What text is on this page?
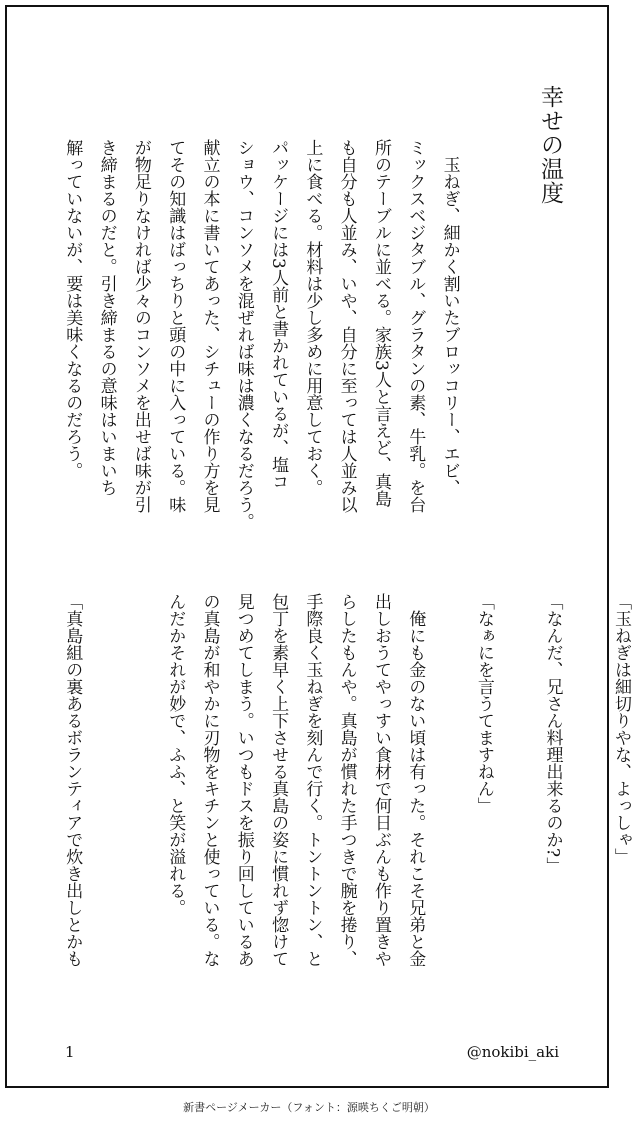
幸せの温度
　玉ねぎ、細かく割いたブロッコリー、エビ、
ミックスベジタブル、グラタンの素、牛乳。を台
所のテーブルに並べる。家族3人と言えど、真島
も自分も人並み、いや、自分に至っては人並み以
上に食べる。材料は少し多めに用意しておく。
パッケージには3人前と書かれているが、塩コ
ショウ、コンソメを混ぜれば味は濃くなるだろう。
献立の本に書いてあった、シチューの作り方を見
てその知識はばっちりと頭の中に入っている。味
が物足りなければ少々のコンソメを出せば味が引
き締まるのだと。引き締まるの意味はいまいち
解っていないが、要は美味くなるのだろう。
「玉ねぎは細切りやな、よっしゃ」

「なんだ、兄さん料理出来るのか?」

「なぁにを言うてますねん」

　俺にも金のない頃は有った。それこそ兄弟と金
出しおうてやっすい食材で何日ぶんも作り置きや
らしたもんや。真島が慣れた手つきで腕を捲り、
手際良く玉ねぎを刻んで行く。トントントン、と
包丁を素早く上下させる真島の姿に慣れず惚けて
見つめてしまう。いつもドスを振り回しているあ
の真島が和やかに刃物をキチンと使っている。な
んだかそれが妙で、ふふ、と笑が溢れる。

「真島組の裏あるボランティアで炊き出しとかも
1	@nokibi_aki
新書ページメーカー（フォント：源暎ちくご明朝）
